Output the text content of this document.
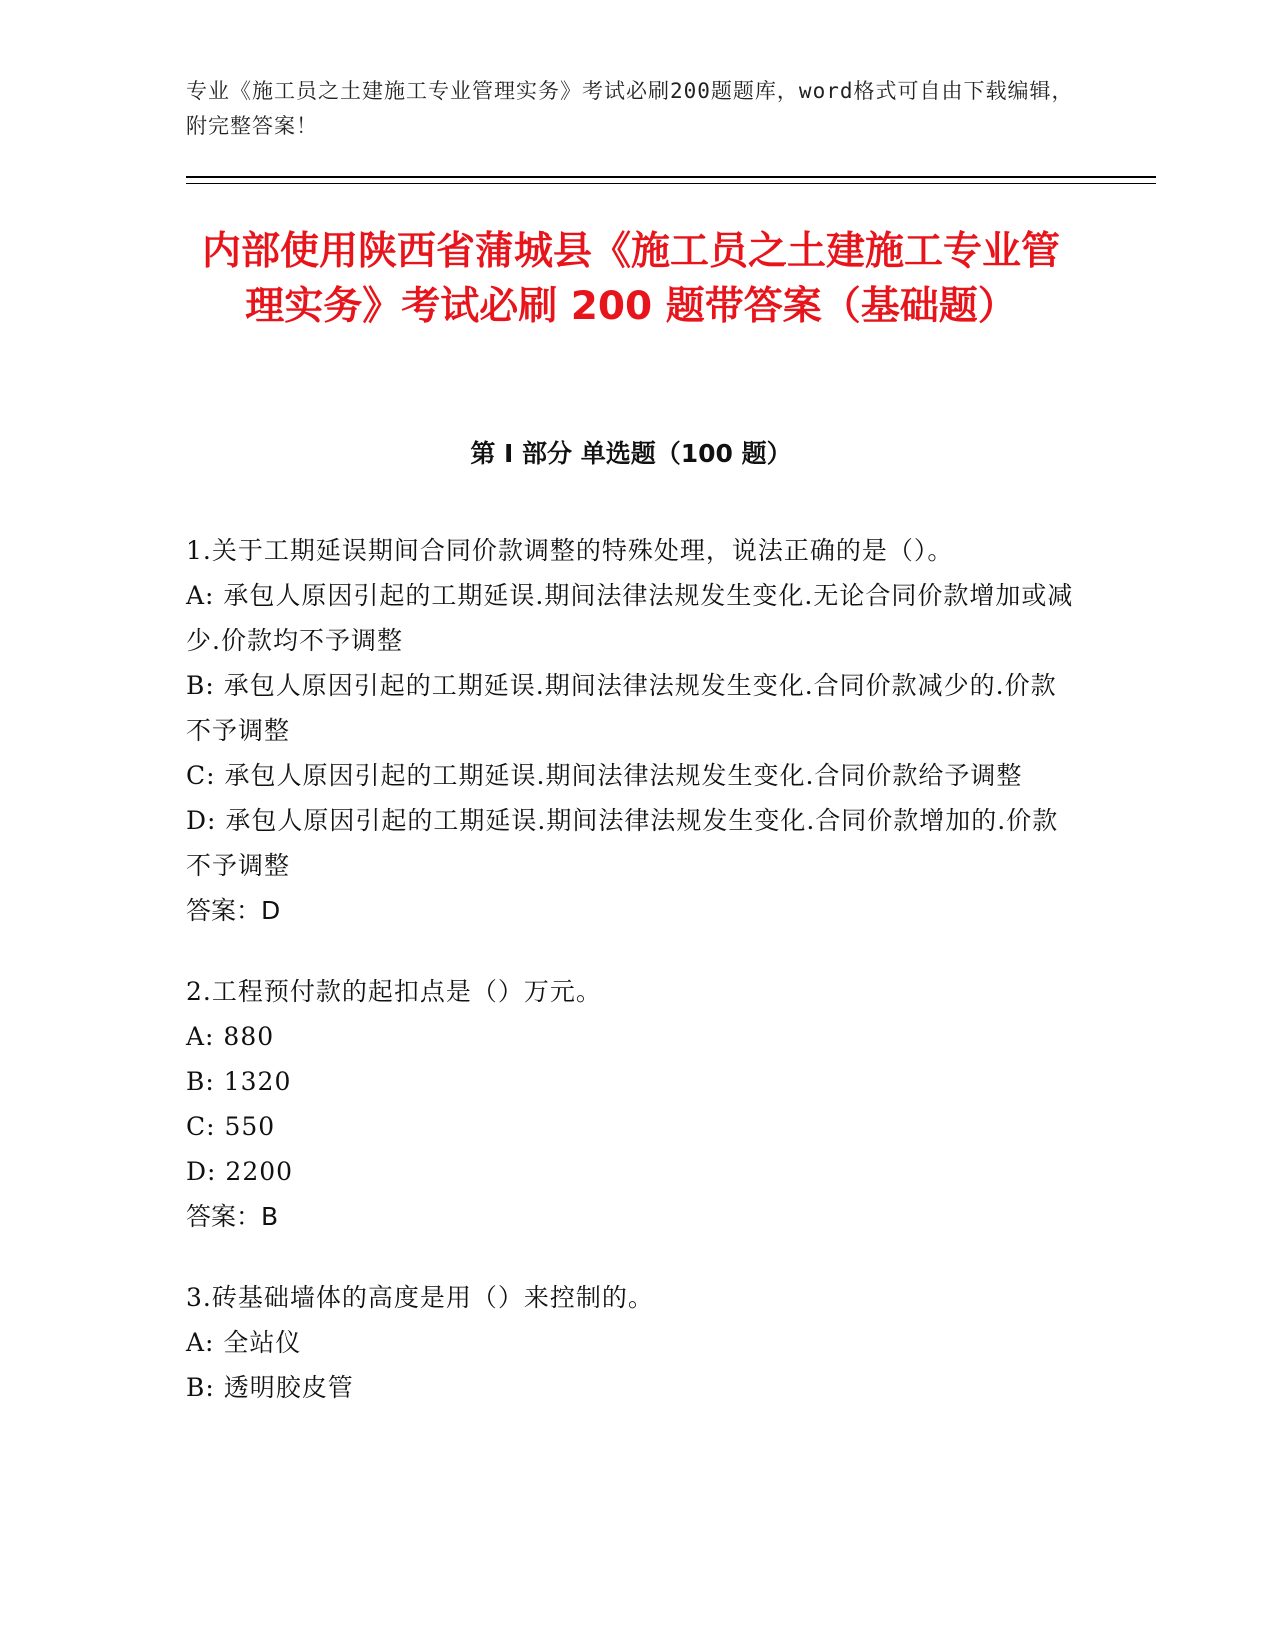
专业《施工员之土建施工专业管理实务》考试必刷200题题库，word格式可自由下载编辑，附完整答案！
内部使用陕西省蒲城县《施工员之土建施工专业管理实务》考试必刷 200 题带答案（基础题）
第 I 部分 单选题（100 题）

1.关于工期延误期间合同价款调整的特殊处理，说法正确的是（）。

A: 承包人原因引起的工期延误.期间法律法规发生变化.无论合同价款增加或减少.价款均不予调整

B: 承包人原因引起的工期延误.期间法律法规发生变化.合同价款减少的.价款不予调整

C: 承包人原因引起的工期延误.期间法律法规发生变化.合同价款给予调整

D: 承包人原因引起的工期延误.期间法律法规发生变化.合同价款增加的.价款不予调整

答案：D

2.工程预付款的起扣点是（）万元。

A: 880

B: 1320

C: 550

D: 2200

答案：B

3.砖基础墙体的高度是用（）来控制的。

A: 全站仪

B: 透明胶皮管
